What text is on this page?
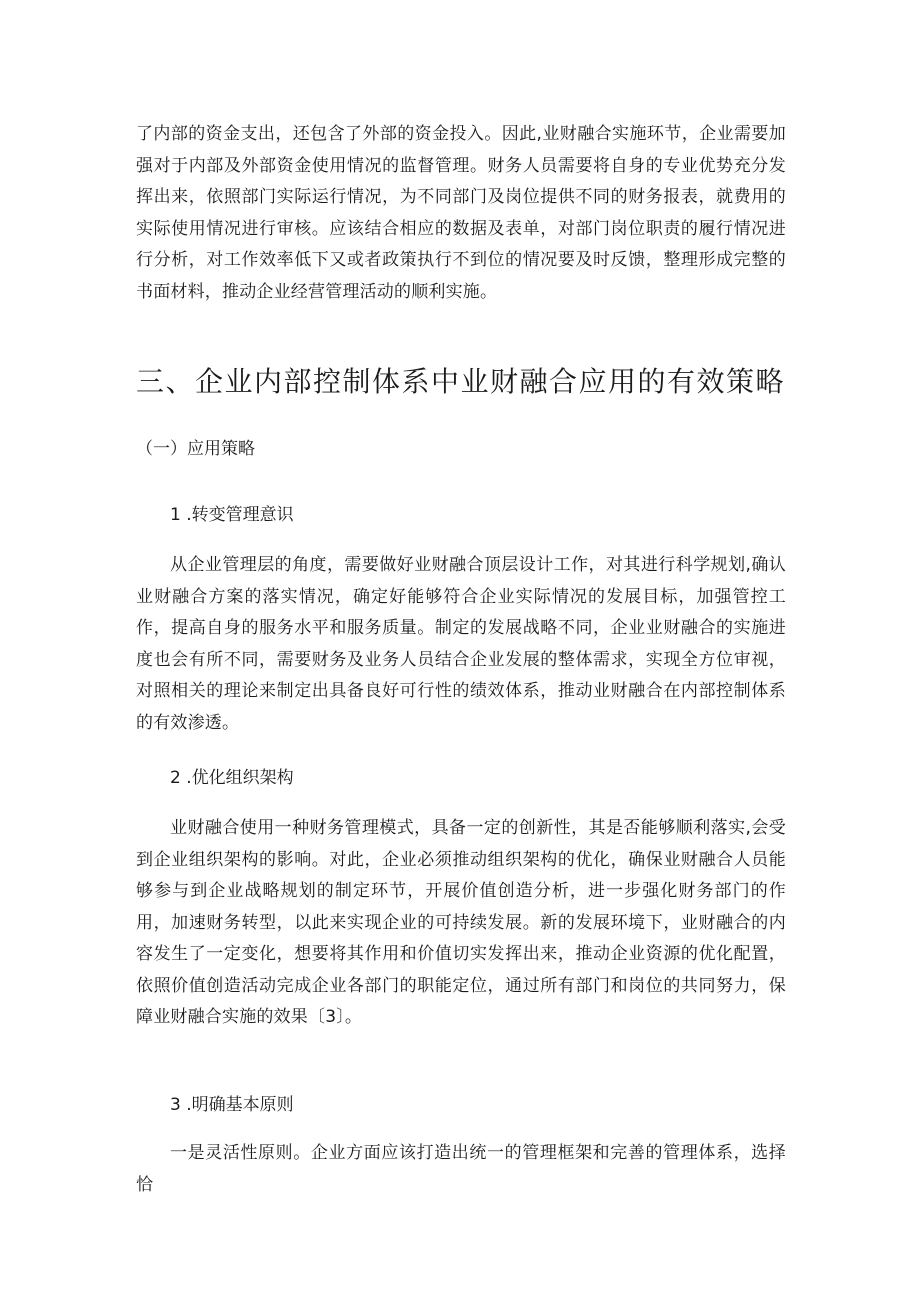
了内部的资金支出，还包含了外部的资金投入。因此,业财融合实施环节，企业需要加强对于内部及外部资金使用情况的监督管理。财务人员需要将自身的专业优势充分发挥出来，依照部门实际运行情况，为不同部门及岗位提供不同的财务报表，就费用的实际使用情况进行审核。应该结合相应的数据及表单，对部门岗位职责的履行情况进行分析，对工作效率低下又或者政策执行不到位的情况要及时反馈，整理形成完整的书面材料，推动企业经营管理活动的顺利实施。

三、企业内部控制体系中业财融合应用的有效策略
（一）应用策略
1 .转变管理意识

从企业管理层的角度，需要做好业财融合顶层设计工作，对其进行科学规划,确认业财融合方案的落实情况，确定好能够符合企业实际情况的发展目标，加强管控工作，提高自身的服务水平和服务质量。制定的发展战略不同，企业业财融合的实施进度也会有所不同，需要财务及业务人员结合企业发展的整体需求，实现全方位审视，对照相关的理论来制定出具备良好可行性的绩效体系，推动业财融合在内部控制体系的有效渗透。

2 .优化组织架构

业财融合使用一种财务管理模式，具备一定的创新性，其是否能够顺利落实,会受到企业组织架构的影响。对此，企业必须推动组织架构的优化，确保业财融合人员能够参与到企业战略规划的制定环节，开展价值创造分析，进一步强化财务部门的作用，加速财务转型，以此来实现企业的可持续发展。新的发展环境下，业财融合的内容发生了一定变化，想要将其作用和价值切实发挥出来，推动企业资源的优化配置，依照价值创造活动完成企业各部门的职能定位，通过所有部门和岗位的共同努力，保障业财融合实施的效果〔3〕。

3 .明确基本原则

一是灵活性原则。企业方面应该打造出统一的管理框架和完善的管理体系，选择恰
